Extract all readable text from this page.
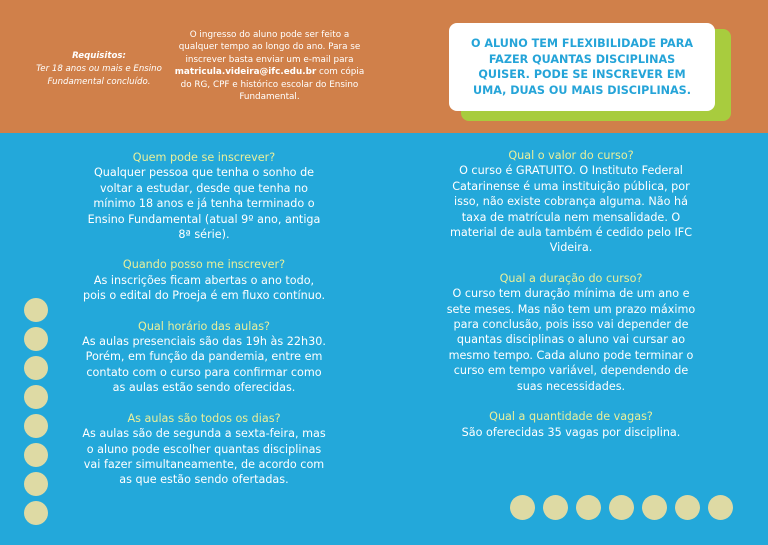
Requisitos:
Ter 18 anos ou mais e Ensino Fundamental concluído.
O ingresso do aluno pode ser feito a qualquer tempo ao longo do ano. Para se inscrever basta enviar um e-mail para matricula.videira@ifc.edu.br com cópia do RG, CPF e histórico escolar do Ensino Fundamental.
O ALUNO TEM FLEXIBILIDADE PARA FAZER QUANTAS DISCIPLINAS QUISER. PODE SE INSCREVER EM UMA, DUAS OU MAIS DISCIPLINAS.
Quem pode se inscrever?
Qualquer pessoa que tenha o sonho de voltar a estudar, desde que tenha no mínimo 18 anos e já tenha terminado o Ensino Fundamental (atual 9º ano, antiga 8ª série).
Quando posso me inscrever?
As inscrições ficam abertas o ano todo, pois o edital do Proeja é em fluxo contínuo.
Qual horário das aulas?
As aulas presenciais são das 19h às 22h30. Porém, em função da pandemia, entre em contato com o curso para confirmar como as aulas estão sendo oferecidas.
As aulas são todos os dias?
As aulas são de segunda a sexta-feira, mas o aluno pode escolher quantas disciplinas vai fazer simultaneamente, de acordo com as que estão sendo ofertadas.
Qual o valor do curso?
O curso é GRATUITO. O Instituto Federal Catarinense é uma instituição pública, por isso, não existe cobrança alguma. Não há taxa de matrícula nem mensalidade. O material de aula também é cedido pelo IFC Videira.
Qual a duração do curso?
O curso tem duração mínima de um ano e sete meses. Mas não tem um prazo máximo para conclusão, pois isso vai depender de quantas disciplinas o aluno vai cursar ao mesmo tempo. Cada aluno pode terminar o curso em tempo variável, dependendo de suas necessidades.
Qual a quantidade de vagas?
São oferecidas 35 vagas por disciplina.
